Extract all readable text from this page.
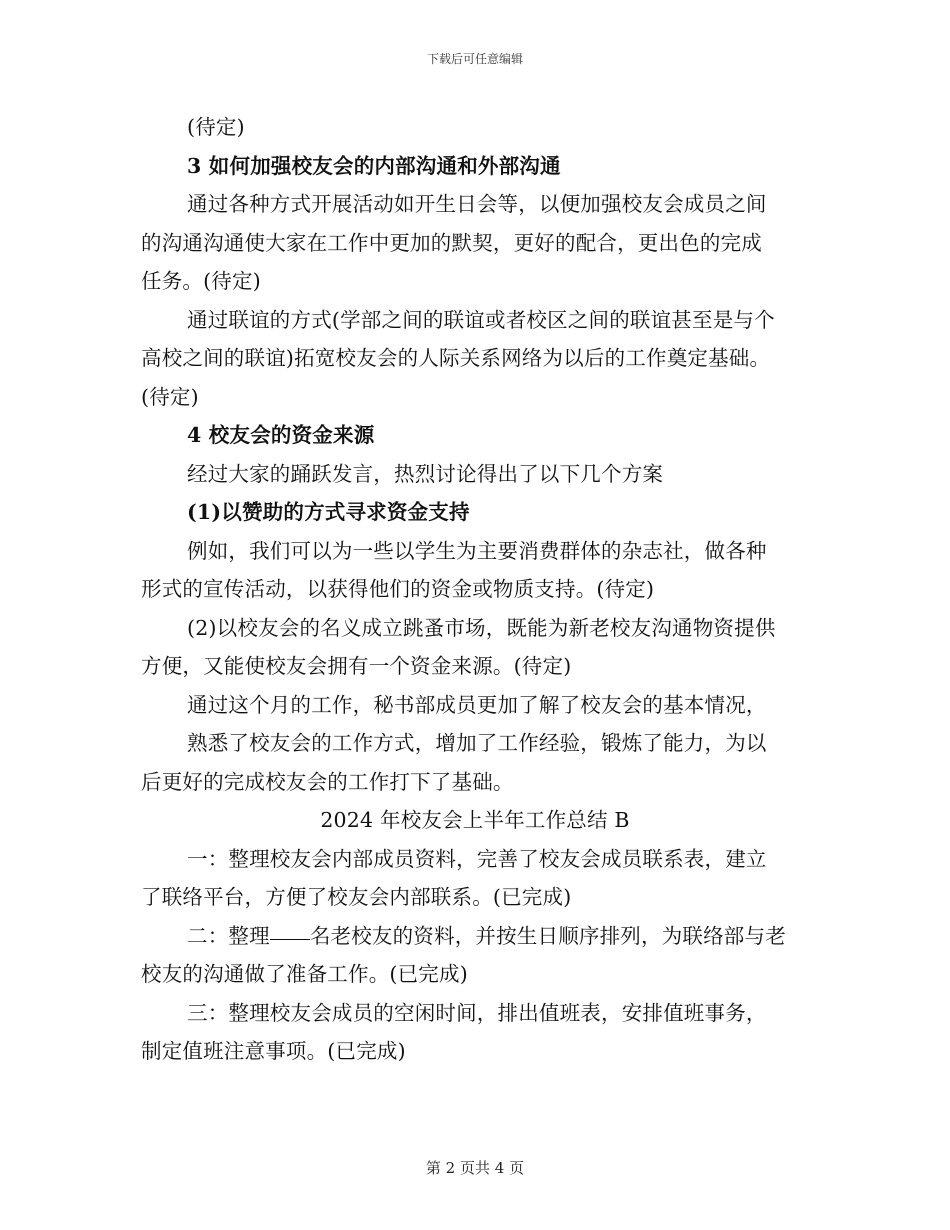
下载后可任意编辑

(待定)

3 如何加强校友会的内部沟通和外部沟通

通过各种方式开展活动如开生日会等，以便加强校友会成员之间

的沟通沟通使大家在工作中更加的默契，更好的配合，更出色的完成

任务。(待定)

通过联谊的方式(学部之间的联谊或者校区之间的联谊甚至是与个

高校之间的联谊)拓宽校友会的人际关系网络为以后的工作奠定基础。

(待定)

4 校友会的资金来源

经过大家的踊跃发言，热烈讨论得出了以下几个方案

(1)以赞助的方式寻求资金支持

例如，我们可以为一些以学生为主要消费群体的杂志社，做各种

形式的宣传活动，以获得他们的资金或物质支持。(待定)

(2)以校友会的名义成立跳蚤市场，既能为新老校友沟通物资提供

方便，又能使校友会拥有一个资金来源。(待定)

通过这个月的工作，秘书部成员更加了解了校友会的基本情况，

熟悉了校友会的工作方式，增加了工作经验，锻炼了能力，为以

后更好的完成校友会的工作打下了基础。

2024 年校友会上半年工作总结 B

一：整理校友会内部成员资料，完善了校友会成员联系表，建立

了联络平台，方便了校友会内部联系。(已完成)

二：整理 名老校友的资料，并按生日顺序排列，为联络部与老

校友的沟通做了准备工作。(已完成)

三：整理校友会成员的空闲时间，排出值班表，安排值班事务，

制定值班注意事项。(已完成)

第 2 页共 4 页
